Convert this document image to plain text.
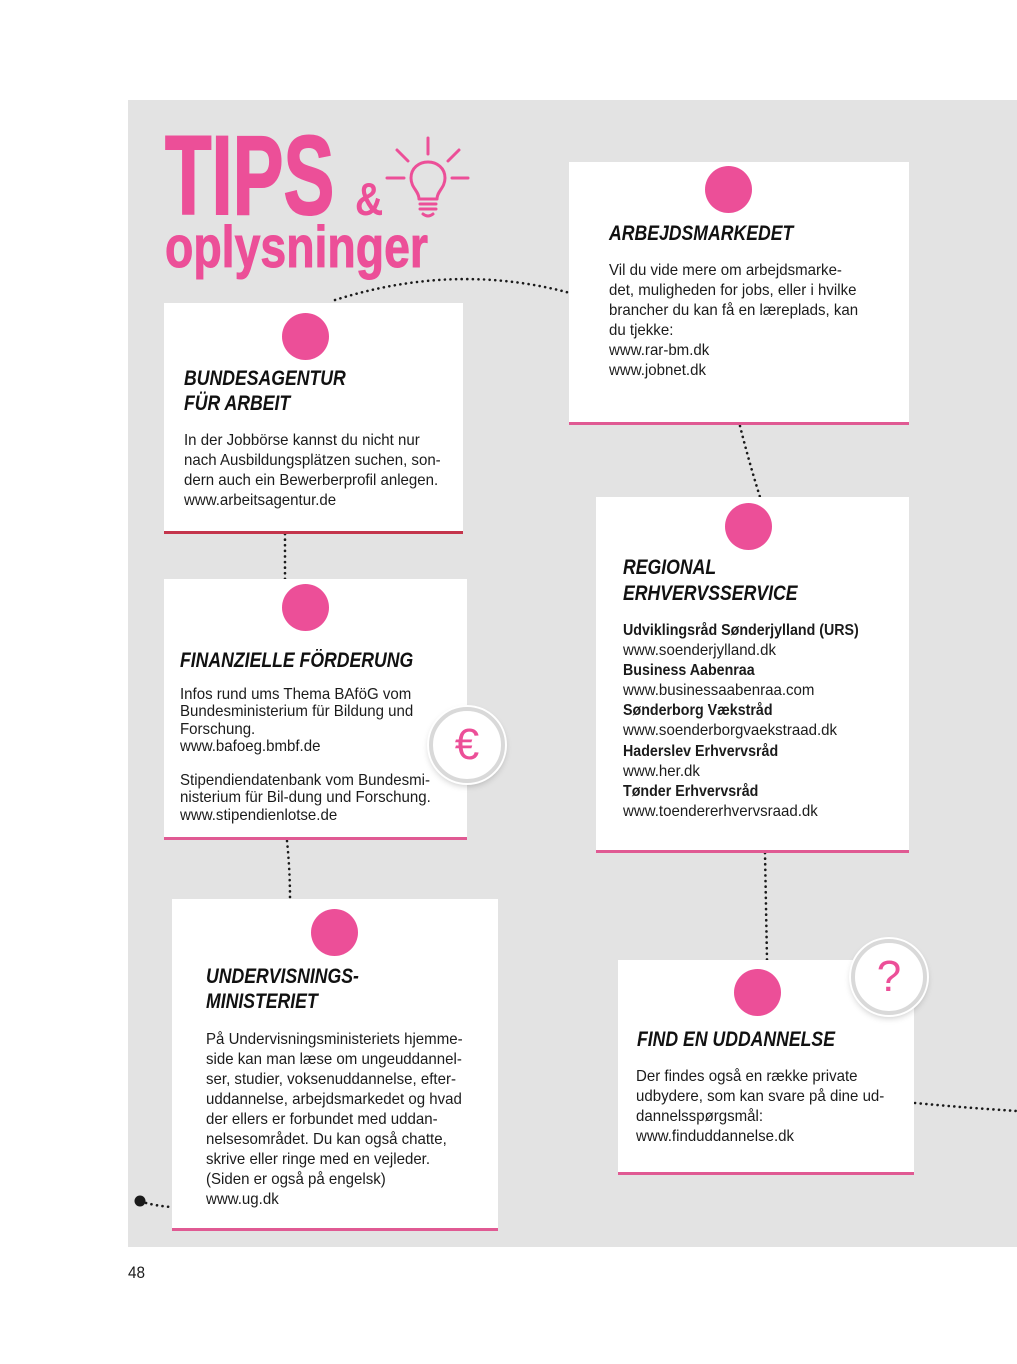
TIPS &
oplysninger	ARBEJDSMARKEDET
Vil du vide mere om arbejdsmarke-
det, muligheden for jobs, eller i hvilke
brancher du kan få en læreplads, kan
du tjekke:
www.rar-bm.dk
www.jobnet.dk
BUNDESAGENTUR
FÜR ARBEIT
In der Jobbörse kannst du nicht nur
nach Ausbildungsplätzen suchen, son-
dern auch ein Bewerberprofil anlegen.
www.arbeitsagentur.de
FINANZIELLE FÖRDERUNG
Infos rund ums Thema BAföG vom
Bundesministerium für Bildung und
Forschung.
www.bafoeg.bmbf.de
Stipendiendatenbank vom Bundesmi-
nisterium für Bil-dung und Forschung.
www.stipendienlotse.de
UNDERVISNINGS-
MINISTERIET
På Undervisningsministeriets hjemme-
side kan man læse om ungeuddannel-
ser, studier, voksenuddannelse, efter-
uddannelse, arbejdsmarkedet og hvad
der ellers er forbundet med uddan-
nelsesområdet. Du kan også chatte,
skrive eller ringe med en vejleder.
(Siden er også på engelsk)
www.ug.dk
REGIONAL
ERHVERVSSERVICE
Udviklingsråd Sønderjylland (URS)
www.soenderjylland.dk
Business Aabenraa
www.businessaabenraa.com
Sønderborg Vækstråd
www.soenderborgvaekstraad.dk
Haderslev Erhvervsråd
www.her.dk
Tønder Erhvervsråd
www.toendererhvervsraad.dk
FIND EN UDDANNELSE
Der findes også en række private
udbydere, som kan svare på dine ud-
dannelsspørgsmål:
www.finduddannelse.dk
€
?
48
